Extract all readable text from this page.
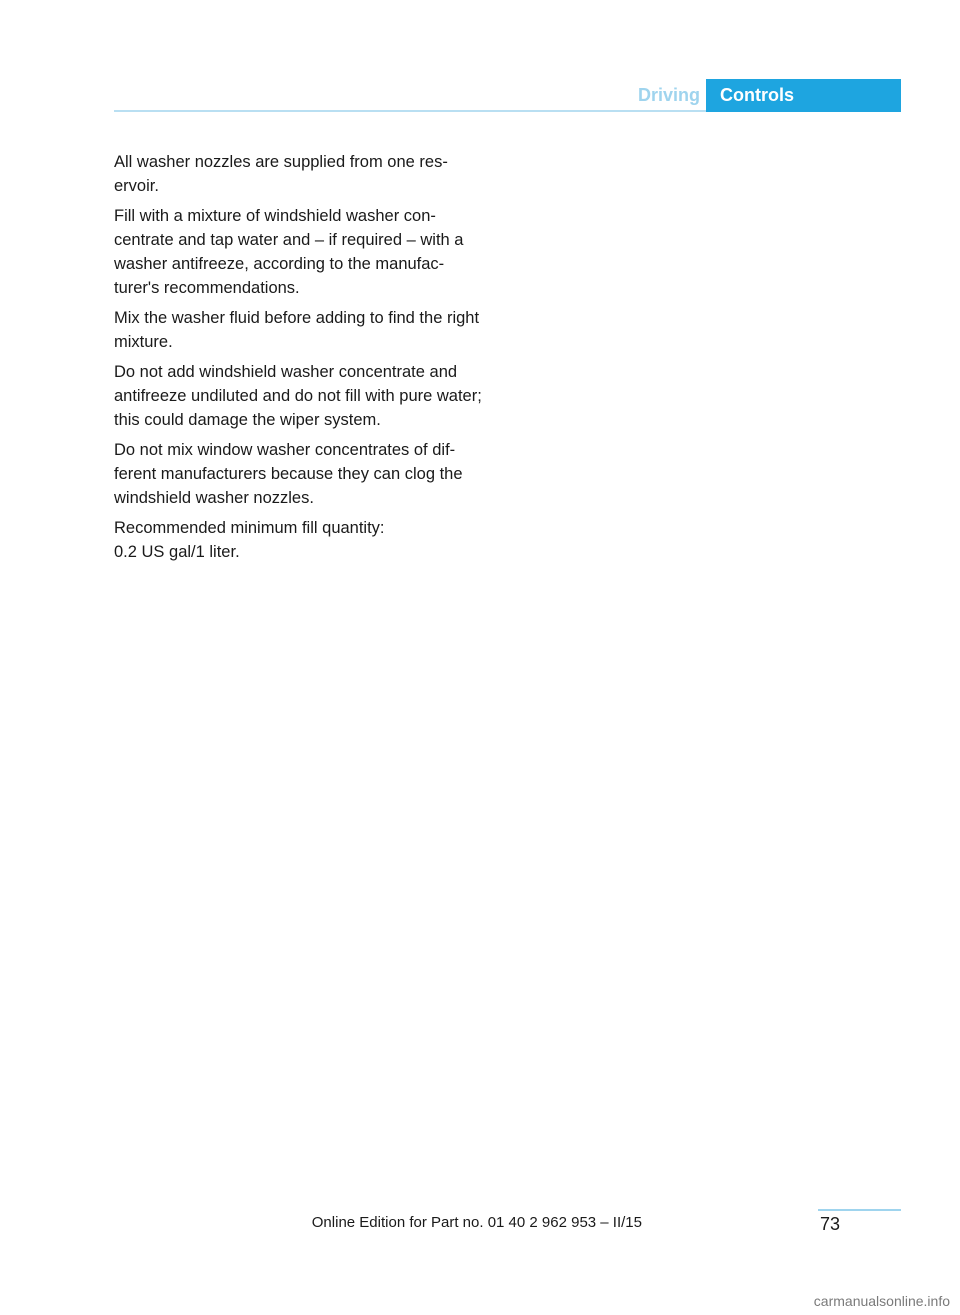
Driving	Controls

All washer nozzles are supplied from one res‐ ervoir.

Fill with a mixture of windshield washer con‐ centrate and tap water and – if required – with a washer antifreeze, according to the manufac‐ turer's recommendations.

Mix the washer fluid before adding to find the right mixture.

Do not add windshield washer concentrate and antifreeze undiluted and do not fill with pure water; this could damage the wiper system.

Do not mix window washer concentrates of dif‐ ferent manufacturers because they can clog the windshield washer nozzles.

Recommended minimum fill quantity:
0.2 US gal/1 liter.

Online Edition for Part no. 01 40 2 962 953 – II/15	73
carmanualsonline.info
